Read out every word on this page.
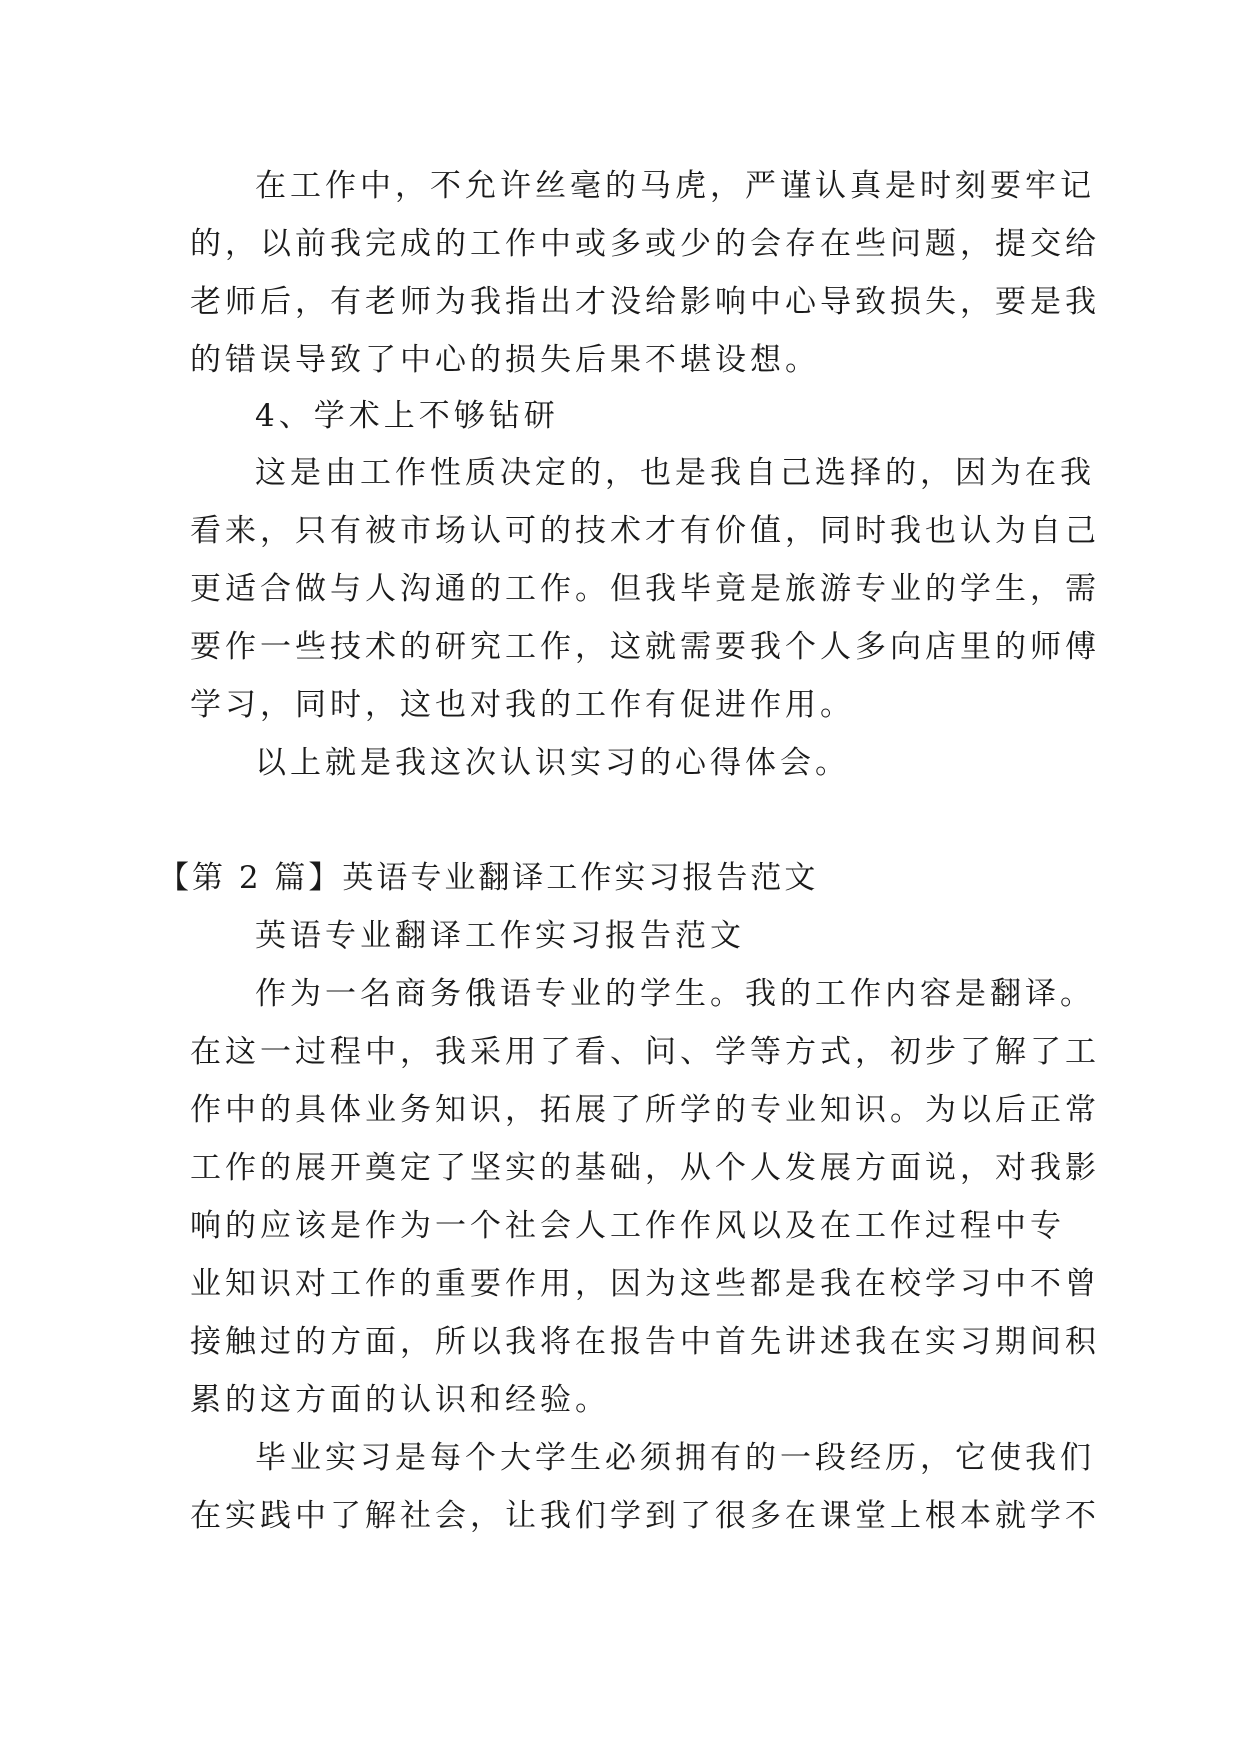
在工作中，不允许丝毫的马虎，严谨认真是时刻要牢记
的，以前我完成的工作中或多或少的会存在些问题，提交给
老师后，有老师为我指出才没给影响中心导致损失，要是我
的错误导致了中心的损失后果不堪设想。
4、学术上不够钻研
这是由工作性质决定的，也是我自己选择的，因为在我
看来，只有被市场认可的技术才有价值，同时我也认为自己
更适合做与人沟通的工作。但我毕竟是旅游专业的学生，需
要作一些技术的研究工作，这就需要我个人多向店里的师傅
学习，同时，这也对我的工作有促进作用。
以上就是我这次认识实习的心得体会。
【第 2 篇】英语专业翻译工作实习报告范文
英语专业翻译工作实习报告范文
作为一名商务俄语专业的学生。我的工作内容是翻译。
在这一过程中，我采用了看、问、学等方式，初步了解了工
作中的具体业务知识，拓展了所学的专业知识。为以后正常
工作的展开奠定了坚实的基础，从个人发展方面说，对我影
响的应该是作为一个社会人工作作风以及在工作过程中专
业知识对工作的重要作用，因为这些都是我在校学习中不曾
接触过的方面，所以我将在报告中首先讲述我在实习期间积
累的这方面的认识和经验。
毕业实习是每个大学生必须拥有的一段经历，它使我们
在实践中了解社会，让我们学到了很多在课堂上根本就学不
